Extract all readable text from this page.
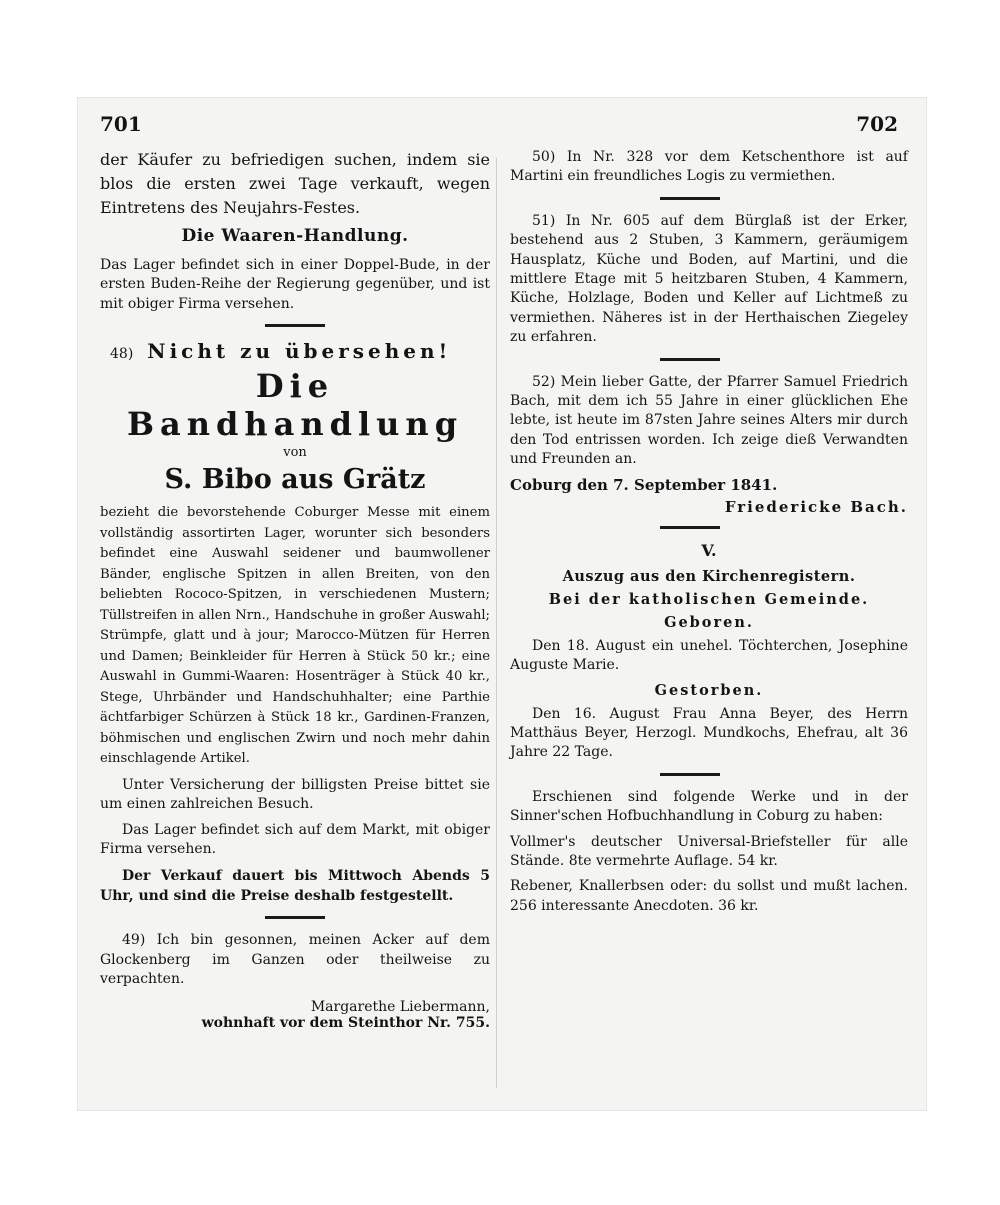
701	702

der Käufer zu befriedigen suchen, indem sie blos die ersten zwei Tage verkauft, wegen Eintretens des Neujahrs-Festes.

Die Waaren-Handlung.

Das Lager befindet sich in einer Doppel-Bude, in der ersten Buden-Reihe der Regierung gegenüber, und ist mit obiger Firma versehen.

48) Nicht zu übersehen!
Die Bandhandlung
von
S. Bibo aus Grätz

bezieht die bevorstehende Coburger Messe mit einem vollständig assortirten Lager, worunter sich besonders befindet eine Auswahl seidener und baumwollener Bänder, englische Spitzen in allen Breiten, von den beliebten Rococo-Spitzen, in verschiedenen Mustern; Tüllstreifen in allen Nrn., Handschuhe in großer Auswahl; Strümpfe, glatt und à jour; Marocco-Mützen für Herren und Damen; Beinkleider für Herren à Stück 50 kr.; eine Auswahl in Gummi-Waaren: Hosenträger à Stück 40 kr., Stege, Uhrbänder und Handschuhhalter; eine Parthie ächtfarbiger Schürzen à Stück 18 kr., Gardinen-Franzen, böhmischen und englischen Zwirn und noch mehr dahin einschlagende Artikel.

Unter Versicherung der billigsten Preise bittet sie um einen zahlreichen Besuch.

Das Lager befindet sich auf dem Markt, mit obiger Firma versehen.

Der Verkauf dauert bis Mittwoch Abends 5 Uhr, und sind die Preise deshalb festgestellt.

49) Ich bin gesonnen, meinen Acker auf dem Glockenberg im Ganzen oder theilweise zu verpachten.

Margarethe Liebermann,
wohnhaft vor dem Steinthor Nr. 755.

50) In Nr. 328 vor dem Ketschenthore ist auf Martini ein freundliches Logis zu vermiethen.

51) In Nr. 605 auf dem Bürglaß ist der Erker, bestehend aus 2 Stuben, 3 Kammern, geräumigem Hausplatz, Küche und Boden, auf Martini, und die mittlere Etage mit 5 heitzbaren Stuben, 4 Kammern, Küche, Holzlage, Boden und Keller auf Lichtmeß zu vermiethen. Näheres ist in der Herthaischen Ziegeley zu erfahren.

52) Mein lieber Gatte, der Pfarrer Samuel Friedrich Bach, mit dem ich 55 Jahre in einer glücklichen Ehe lebte, ist heute im 87sten Jahre seines Alters mir durch den Tod entrissen worden. Ich zeige dieß Verwandten und Freunden an.

Coburg den 7. September 1841.
Friedericke Bach.
V.
Auszug aus den Kirchenregistern.
Bei der katholischen Gemeinde.
Geboren.

Den 18. August ein unehel. Töchterchen, Josephine Auguste Marie.

Gestorben.

Den 16. August Frau Anna Beyer, des Herrn Matthäus Beyer, Herzogl. Mundkochs, Ehefrau, alt 36 Jahre 22 Tage.

Erschienen sind folgende Werke und in der Sinner'schen Hofbuchhandlung in Coburg zu haben:

Vollmer's deutscher Universal-Briefsteller für alle Stände. 8te vermehrte Auflage. 54 kr.

Rebener, Knallerbsen oder: du sollst und mußt lachen. 256 interessante Anecdoten. 36 kr.
